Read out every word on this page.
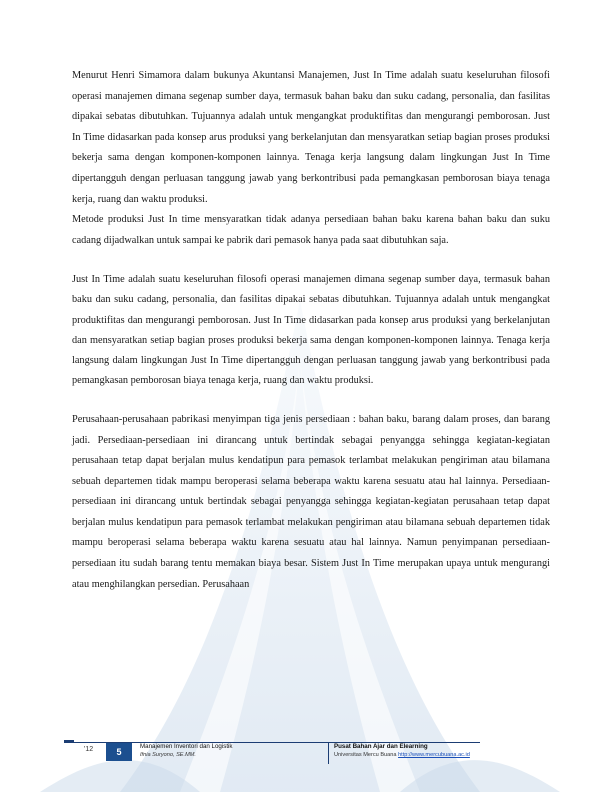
Menurut Henri Simamora dalam bukunya Akuntansi Manajemen, Just In Time adalah suatu keseluruhan filosofi operasi manajemen dimana segenap sumber daya, termasuk bahan baku dan suku cadang, personalia, dan fasilitas dipakai sebatas dibutuhkan. Tujuannya adalah untuk mengangkat produktifitas dan mengurangi pemborosan. Just In Time didasarkan pada konsep arus produksi yang berkelanjutan dan mensyaratkan setiap bagian proses produksi bekerja sama dengan komponen-komponen lainnya. Tenaga kerja langsung dalam lingkungan Just In Time dipertangguh dengan perluasan tanggung jawab yang berkontribusi pada pemangkasan pemborosan biaya tenaga kerja, ruang dan waktu produksi.

Metode produksi Just In time mensyaratkan tidak adanya persediaan bahan baku karena bahan baku dan suku cadang dijadwalkan untuk sampai ke pabrik dari pemasok hanya pada saat dibutuhkan saja.

Just In Time adalah suatu keseluruhan filosofi operasi manajemen dimana segenap sumber daya, termasuk bahan baku dan suku cadang, personalia, dan fasilitas dipakai sebatas dibutuhkan. Tujuannya adalah untuk mengangkat produktifitas dan mengurangi pemborosan. Just In Time didasarkan pada konsep arus produksi yang berkelanjutan dan mensyaratkan setiap bagian proses produksi bekerja sama dengan komponen-komponen lainnya. Tenaga kerja langsung dalam lingkungan Just In Time dipertangguh dengan perluasan tanggung jawab yang berkontribusi pada pemangkasan pemborosan biaya tenaga kerja, ruang dan waktu produksi.

Perusahaan-perusahaan pabrikasi menyimpan tiga jenis persediaan : bahan baku, barang dalam proses, dan barang jadi. Persediaan-persediaan ini dirancang untuk bertindak sebagai penyangga sehingga kegiatan-kegiatan perusahaan tetap dapat berjalan mulus kendatipun para pemasok terlambat melakukan pengiriman atau bilamana sebuah departemen tidak mampu beroperasi selama beberapa waktu karena sesuatu atau hal lainnya. Persediaan-persediaan ini dirancang untuk bertindak sebagai penyangga sehingga kegiatan-kegiatan perusahaan tetap dapat berjalan mulus kendatipun para pemasok terlambat melakukan pengiriman atau bilamana sebuah departemen tidak mampu beroperasi selama beberapa waktu karena sesuatu atau hal lainnya. Namun penyimpanan persediaan-persediaan itu sudah barang tentu memakan biaya besar. Sistem Just In Time merupakan upaya untuk mengurangi atau menghilangkan persedian. Perusahaan

'12	5
Manajemen Inventori dan Logistik
Ifnia Suryono, SE.MM.
Pusat Bahan Ajar dan Elearning
Universitas Mercu Buana http://www.mercubuana.ac.id
